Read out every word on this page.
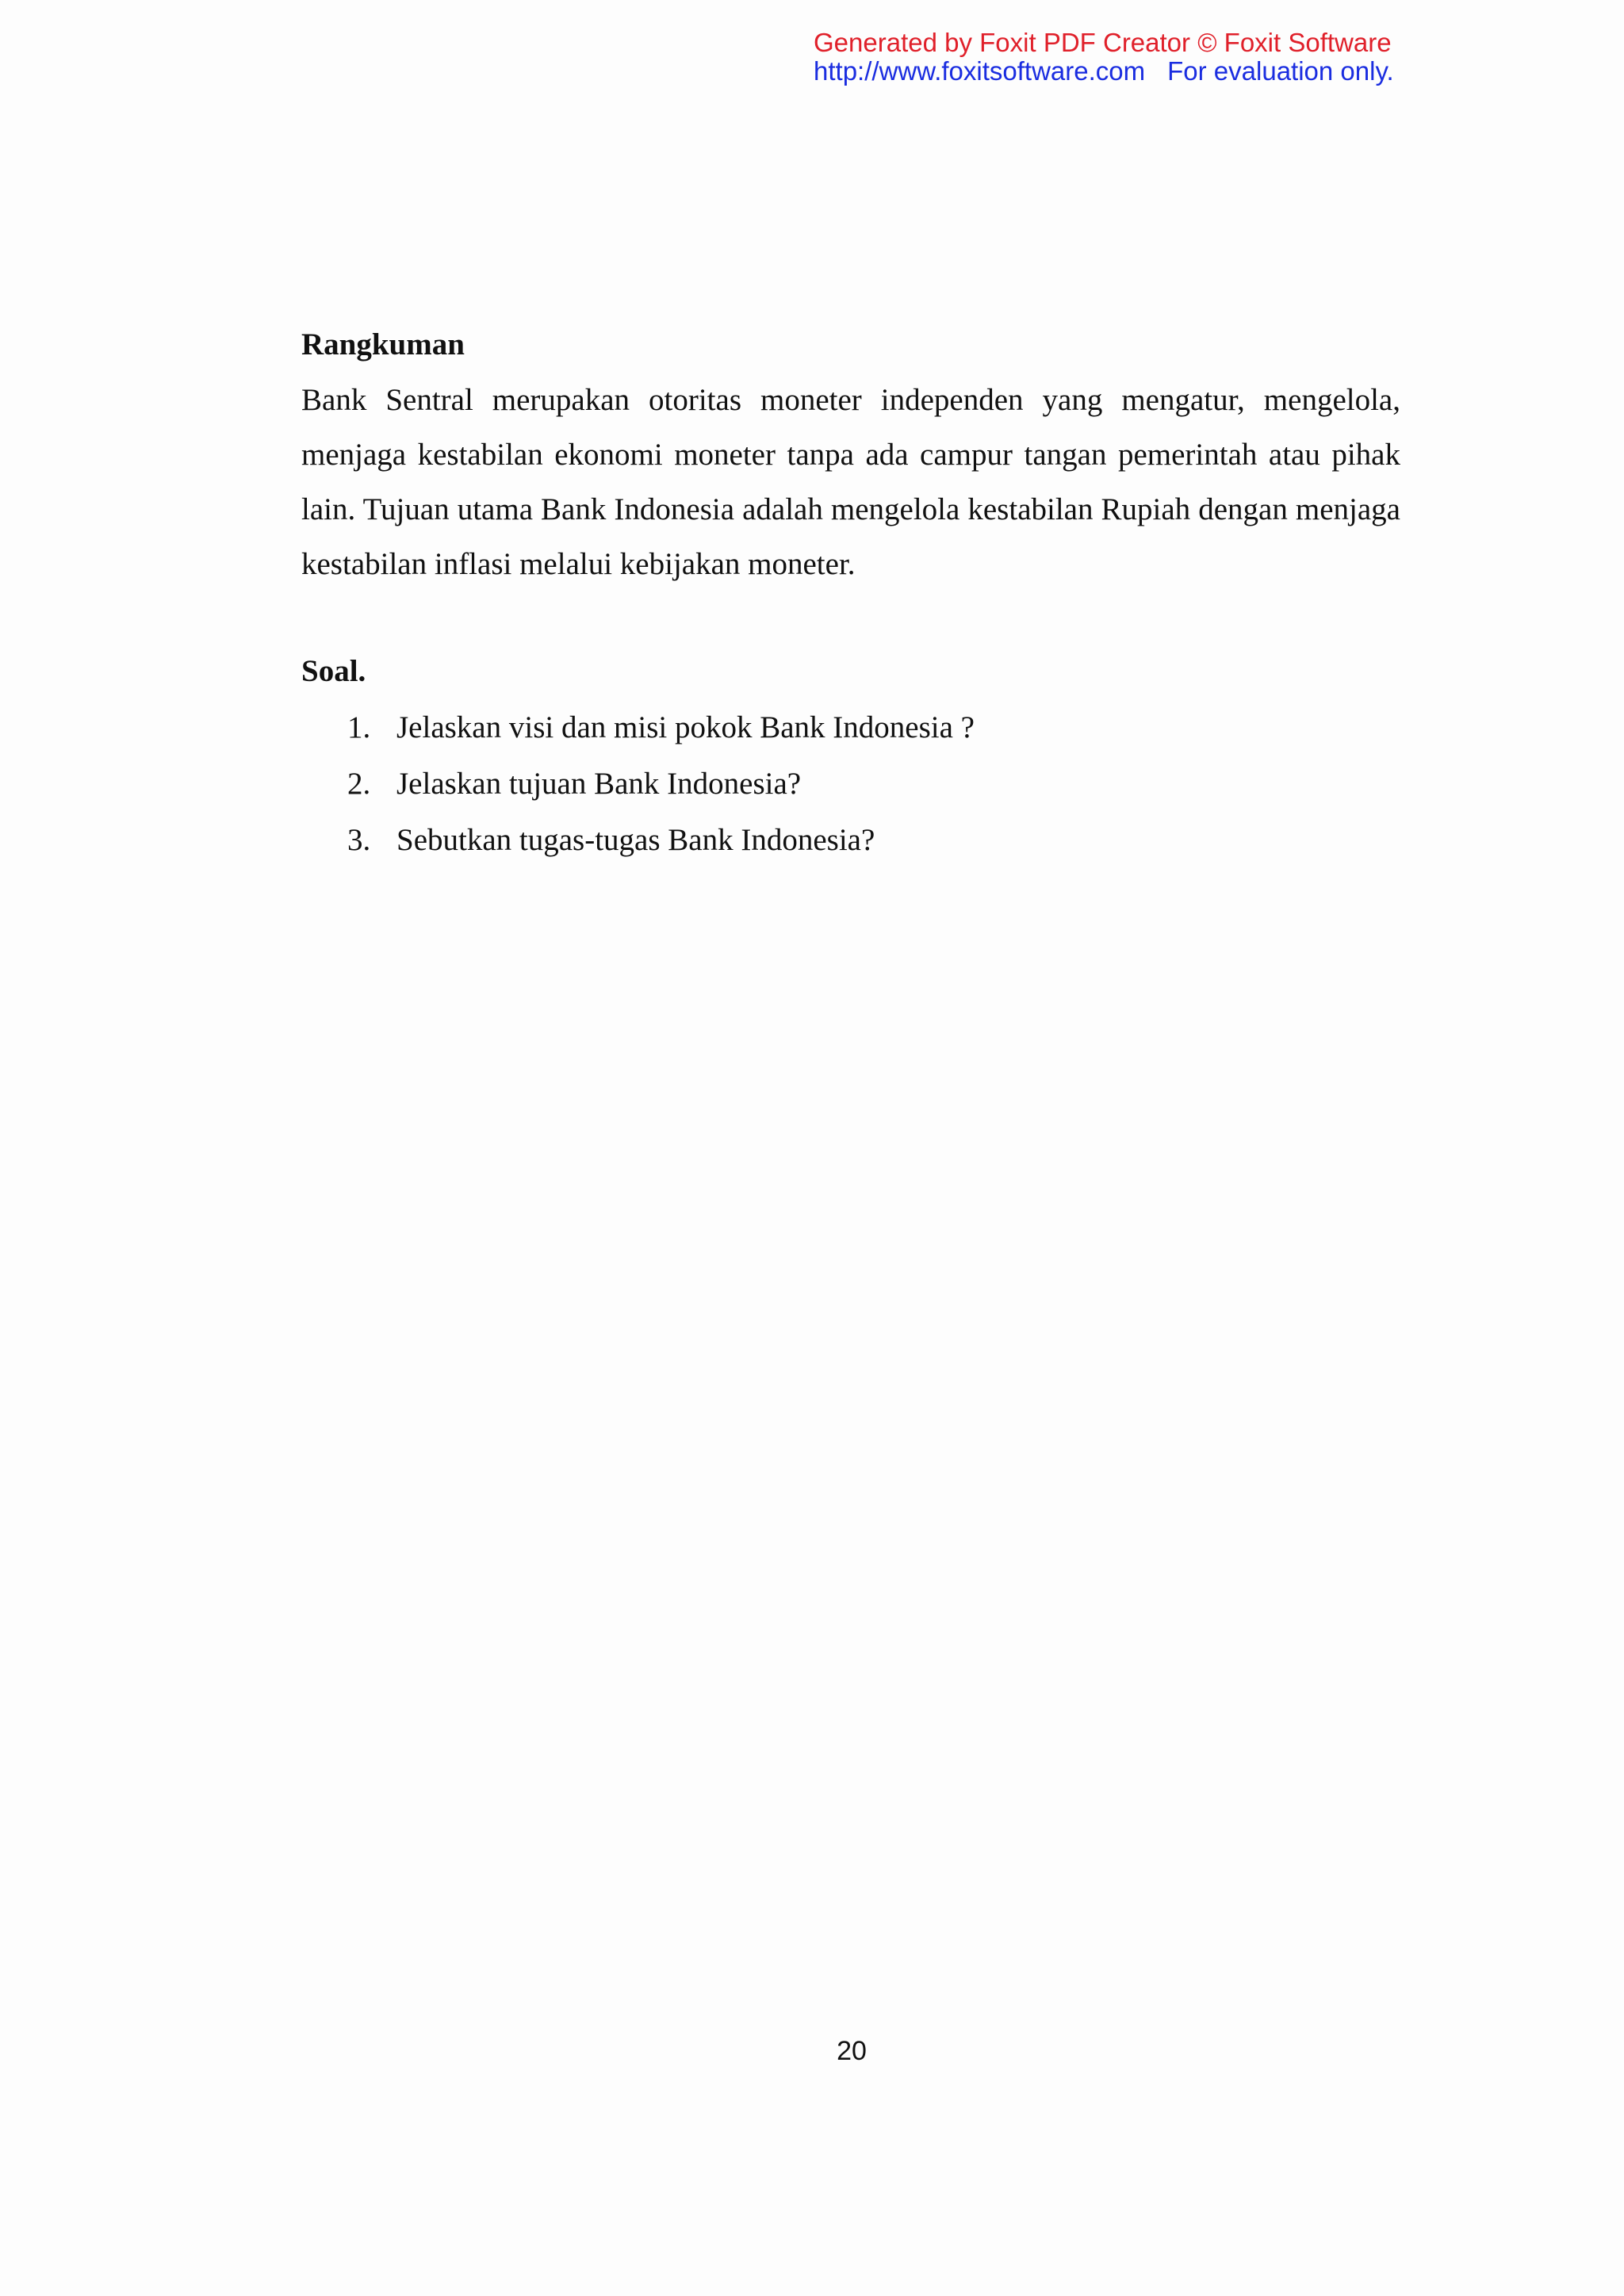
Generated by Foxit PDF Creator © Foxit Software
http://www.foxitsoftware.com For evaluation only.

Rangkuman

Bank Sentral merupakan otoritas moneter independen yang mengatur, mengelola, menjaga kestabilan ekonomi moneter tanpa ada campur tangan pemerintah atau pihak lain. Tujuan utama Bank Indonesia adalah mengelola kestabilan Rupiah dengan menjaga kestabilan inflasi melalui kebijakan moneter.

Soal.

1. Jelaskan visi dan misi pokok Bank Indonesia ?
2. Jelaskan tujuan Bank Indonesia?
3. Sebutkan tugas-tugas Bank Indonesia?
20
